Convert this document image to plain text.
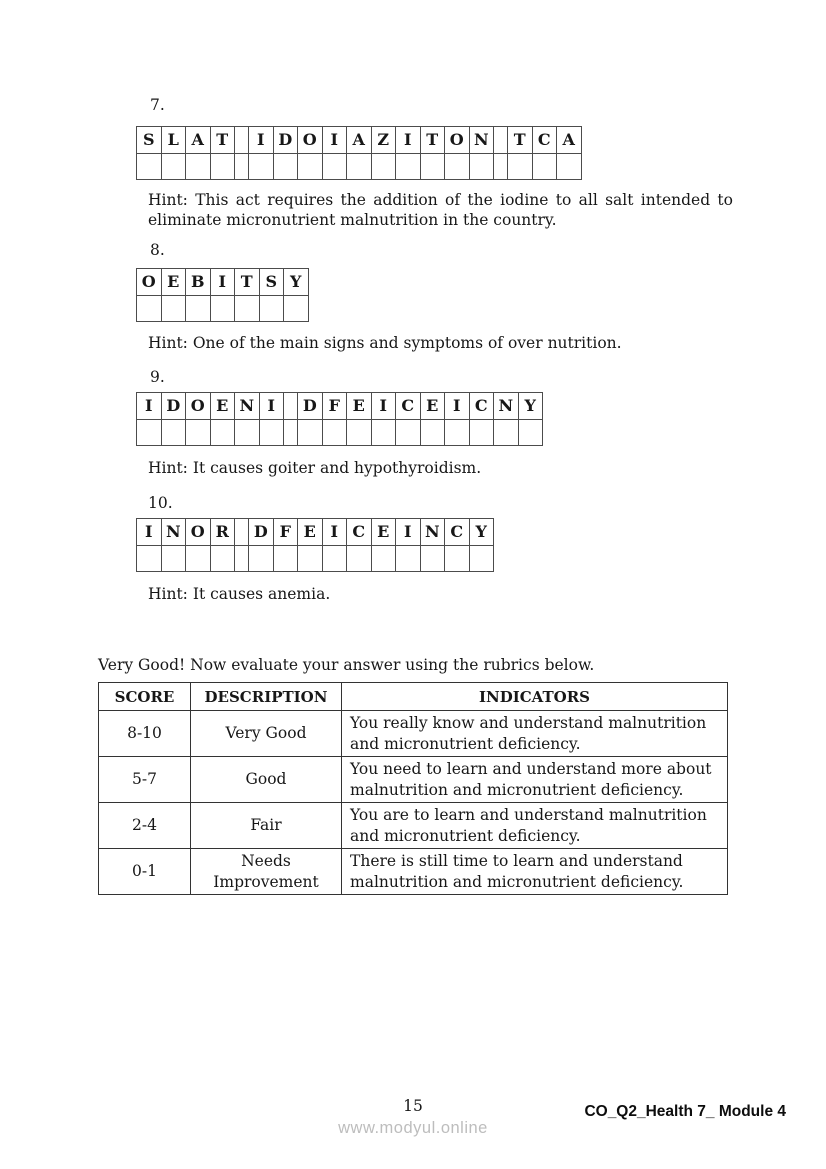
7.
S L A T	I D O I A Z I T O N	T C A
Hint: This act requires the addition of the iodine to all salt intended to eliminate micronutrient malnutrition in the country.
8.
O E B I T S Y
Hint: One of the main signs and symptoms of over nutrition.
9.
I D O E N I	D F E I C E I C N Y
Hint: It causes goiter and hypothyroidism.
10.
I N O R	D F E I C E I N C Y
Hint: It causes anemia.
Very Good! Now evaluate your answer using the rubrics below.
SCORE	DESCRIPTION	INDICATORS
8-10	Very Good	You really know and understand malnutrition and micronutrient deficiency.
5-7	Good	You need to learn and understand more about malnutrition and micronutrient deficiency.
2-4	Fair	You are to learn and understand malnutrition and micronutrient deficiency.
0-1	Needs Improvement	There is still time to learn and understand malnutrition and micronutrient deficiency.
15
www.modyul.online
CO_Q2_Health 7_ Module 4
